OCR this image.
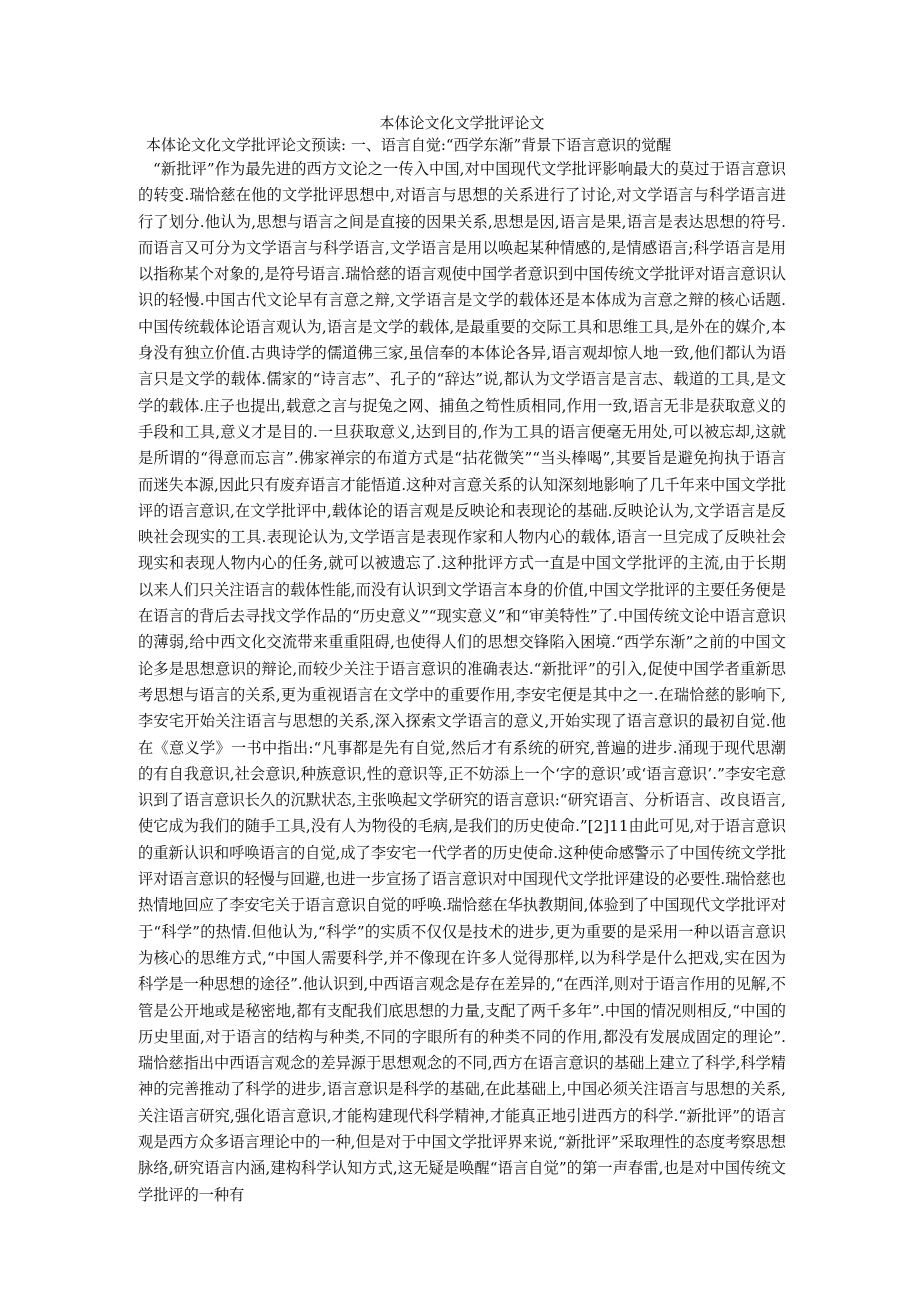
本体论文化文学批评论文

本体论文化文学批评论文预读: 一、语言自觉:“西学东渐”背景下语言意识的觉醒

“新批评”作为最先进的西方文论之一传入中国,对中国现代文学批评影响最大的莫过于语言意识的转变.瑞恰慈在他的文学批评思想中,对语言与思想的关系进行了讨论,对文学语言与科学语言进行了划分.他认为,思想与语言之间是直接的因果关系,思想是因,语言是果,语言是表达思想的符号.而语言又可分为文学语言与科学语言,文学语言是用以唤起某种情感的,是情感语言;科学语言是用以指称某个对象的,是符号语言.瑞恰慈的语言观使中国学者意识到中国传统文学批评对语言意识认识的轻慢.中国古代文论早有言意之辩,文学语言是文学的载体还是本体成为言意之辩的核心话题.中国传统载体论语言观认为,语言是文学的载体,是最重要的交际工具和思维工具,是外在的媒介,本身没有独立价值.古典诗学的儒道佛三家,虽信奉的本体论各异,语言观却惊人地一致,他们都认为语言只是文学的载体.儒家的“诗言志”、孔子的“辞达”说,都认为文学语言是言志、载道的工具,是文学的载体.庄子也提出,载意之言与捉兔之网、捕鱼之笱性质相同,作用一致,语言无非是获取意义的手段和工具,意义才是目的.一旦获取意义,达到目的,作为工具的语言便毫无用处,可以被忘却,这就是所谓的“得意而忘言”.佛家禅宗的布道方式是“拈花微笑”“当头棒喝”,其要旨是避免拘执于语言而迷失本源,因此只有废弃语言才能悟道.这种对言意关系的认知深刻地影响了几千年来中国文学批评的语言意识,在文学批评中,载体论的语言观是反映论和表现论的基础.反映论认为,文学语言是反映社会现实的工具.表现论认为,文学语言是表现作家和人物内心的载体,语言一旦完成了反映社会现实和表现人物内心的任务,就可以被遗忘了.这种批评方式一直是中国文学批评的主流,由于长期以来人们只关注语言的载体性能,而没有认识到文学语言本身的价值,中国文学批评的主要任务便是在语言的背后去寻找文学作品的“历史意义”“现实意义”和“审美特性”了.中国传统文论中语言意识的薄弱,给中西文化交流带来重重阻碍,也使得人们的思想交锋陷入困境.“西学东渐”之前的中国文论多是思想意识的辩论,而较少关注于语言意识的准确表达.“新批评”的引入,促使中国学者重新思考思想与语言的关系,更为重视语言在文学中的重要作用,李安宅便是其中之一.在瑞恰慈的影响下,李安宅开始关注语言与思想的关系,深入探索文学语言的意义,开始实现了语言意识的最初自觉.他在《意义学》一书中指出:“凡事都是先有自觉,然后才有系统的研究,普遍的进步.涌现于现代思潮的有自我意识,社会意识,种族意识,性的意识等,正不妨添上一个‘字的意识’或‘语言意识’.”李安宅意识到了语言意识长久的沉默状态,主张唤起文学研究的语言意识:“研究语言、分析语言、改良语言,使它成为我们的随手工具,没有人为物役的毛病,是我们的历史使命.”[2]11由此可见,对于语言意识的重新认识和呼唤语言的自觉,成了李安宅一代学者的历史使命.这种使命感警示了中国传统文学批评对语言意识的轻慢与回避,也进一步宣扬了语言意识对中国现代文学批评建设的必要性.瑞恰慈也热情地回应了李安宅关于语言意识自觉的呼唤.瑞恰慈在华执教期间,体验到了中国现代文学批评对于“科学”的热情.但他认为,“科学”的实质不仅仅是技术的进步,更为重要的是采用一种以语言意识为核心的思维方式,“中国人需要科学,并不像现在许多人觉得那样,以为科学是什么把戏,实在因为科学是一种思想的途径”.他认识到,中西语言观念是存在差异的,“在西洋,则对于语言作用的见解,不管是公开地或是秘密地,都有支配我们底思想的力量,支配了两千多年”.中国的情况则相反,“中国的历史里面,对于语言的结构与种类,不同的字眼所有的种类不同的作用,都没有发展成固定的理论”.瑞恰慈指出中西语言观念的差异源于思想观念的不同,西方在语言意识的基础上建立了科学,科学精神的完善推动了科学的进步,语言意识是科学的基础,在此基础上,中国必须关注语言与思想的关系,关注语言研究,强化语言意识,才能构建现代科学精神,才能真正地引进西方的科学.“新批评”的语言观是西方众多语言理论中的一种,但是对于中国文学批评界来说,“新批评”采取理性的态度考察思想脉络,研究语言内涵,建构科学认知方式,这无疑是唤醒“语言自觉”的第一声春雷,也是对中国传统文学批评的一种有
